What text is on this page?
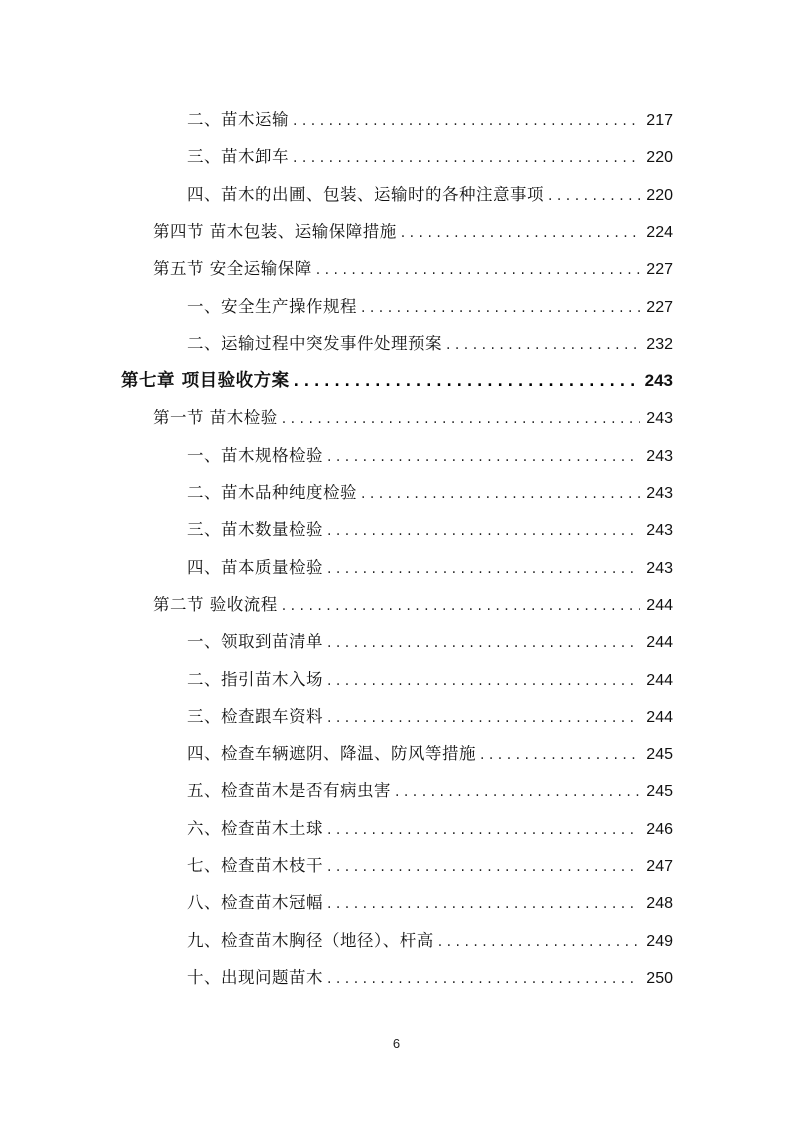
二、苗木运输 . . .	217
三、苗木卸车 . . .	220
四、苗木的出圃、包装、运输时的各种注意事项 . . .	220
第四节 苗木包装、运输保障措施 . . .	224
第五节 安全运输保障 . . .	227
一、安全生产操作规程 . . .	227
二、运输过程中突发事件处理预案 . . .	232
第七章 项目验收方案 . . .	243
第一节 苗木检验 . . .	243
一、苗木规格检验 . . .	243
二、苗木品种纯度检验 . . .	243
三、苗木数量检验 . . .	243
四、苗本质量检验 . . .	243
第二节 验收流程 . . .	244
一、领取到苗清单 . . .	244
二、指引苗木入场 . . .	244
三、检查跟车资料 . . .	244
四、检查车辆遮阴、降温、防风等措施 . . .	245
五、检查苗木是否有病虫害 . . .	245
六、检查苗木土球 . . .	246
七、检查苗木枝干 . . .	247
八、检查苗木冠幅 . . .	248
九、检查苗木胸径（地径）、杆高 . . .	249
十、出现问题苗木 . . .	250
6
